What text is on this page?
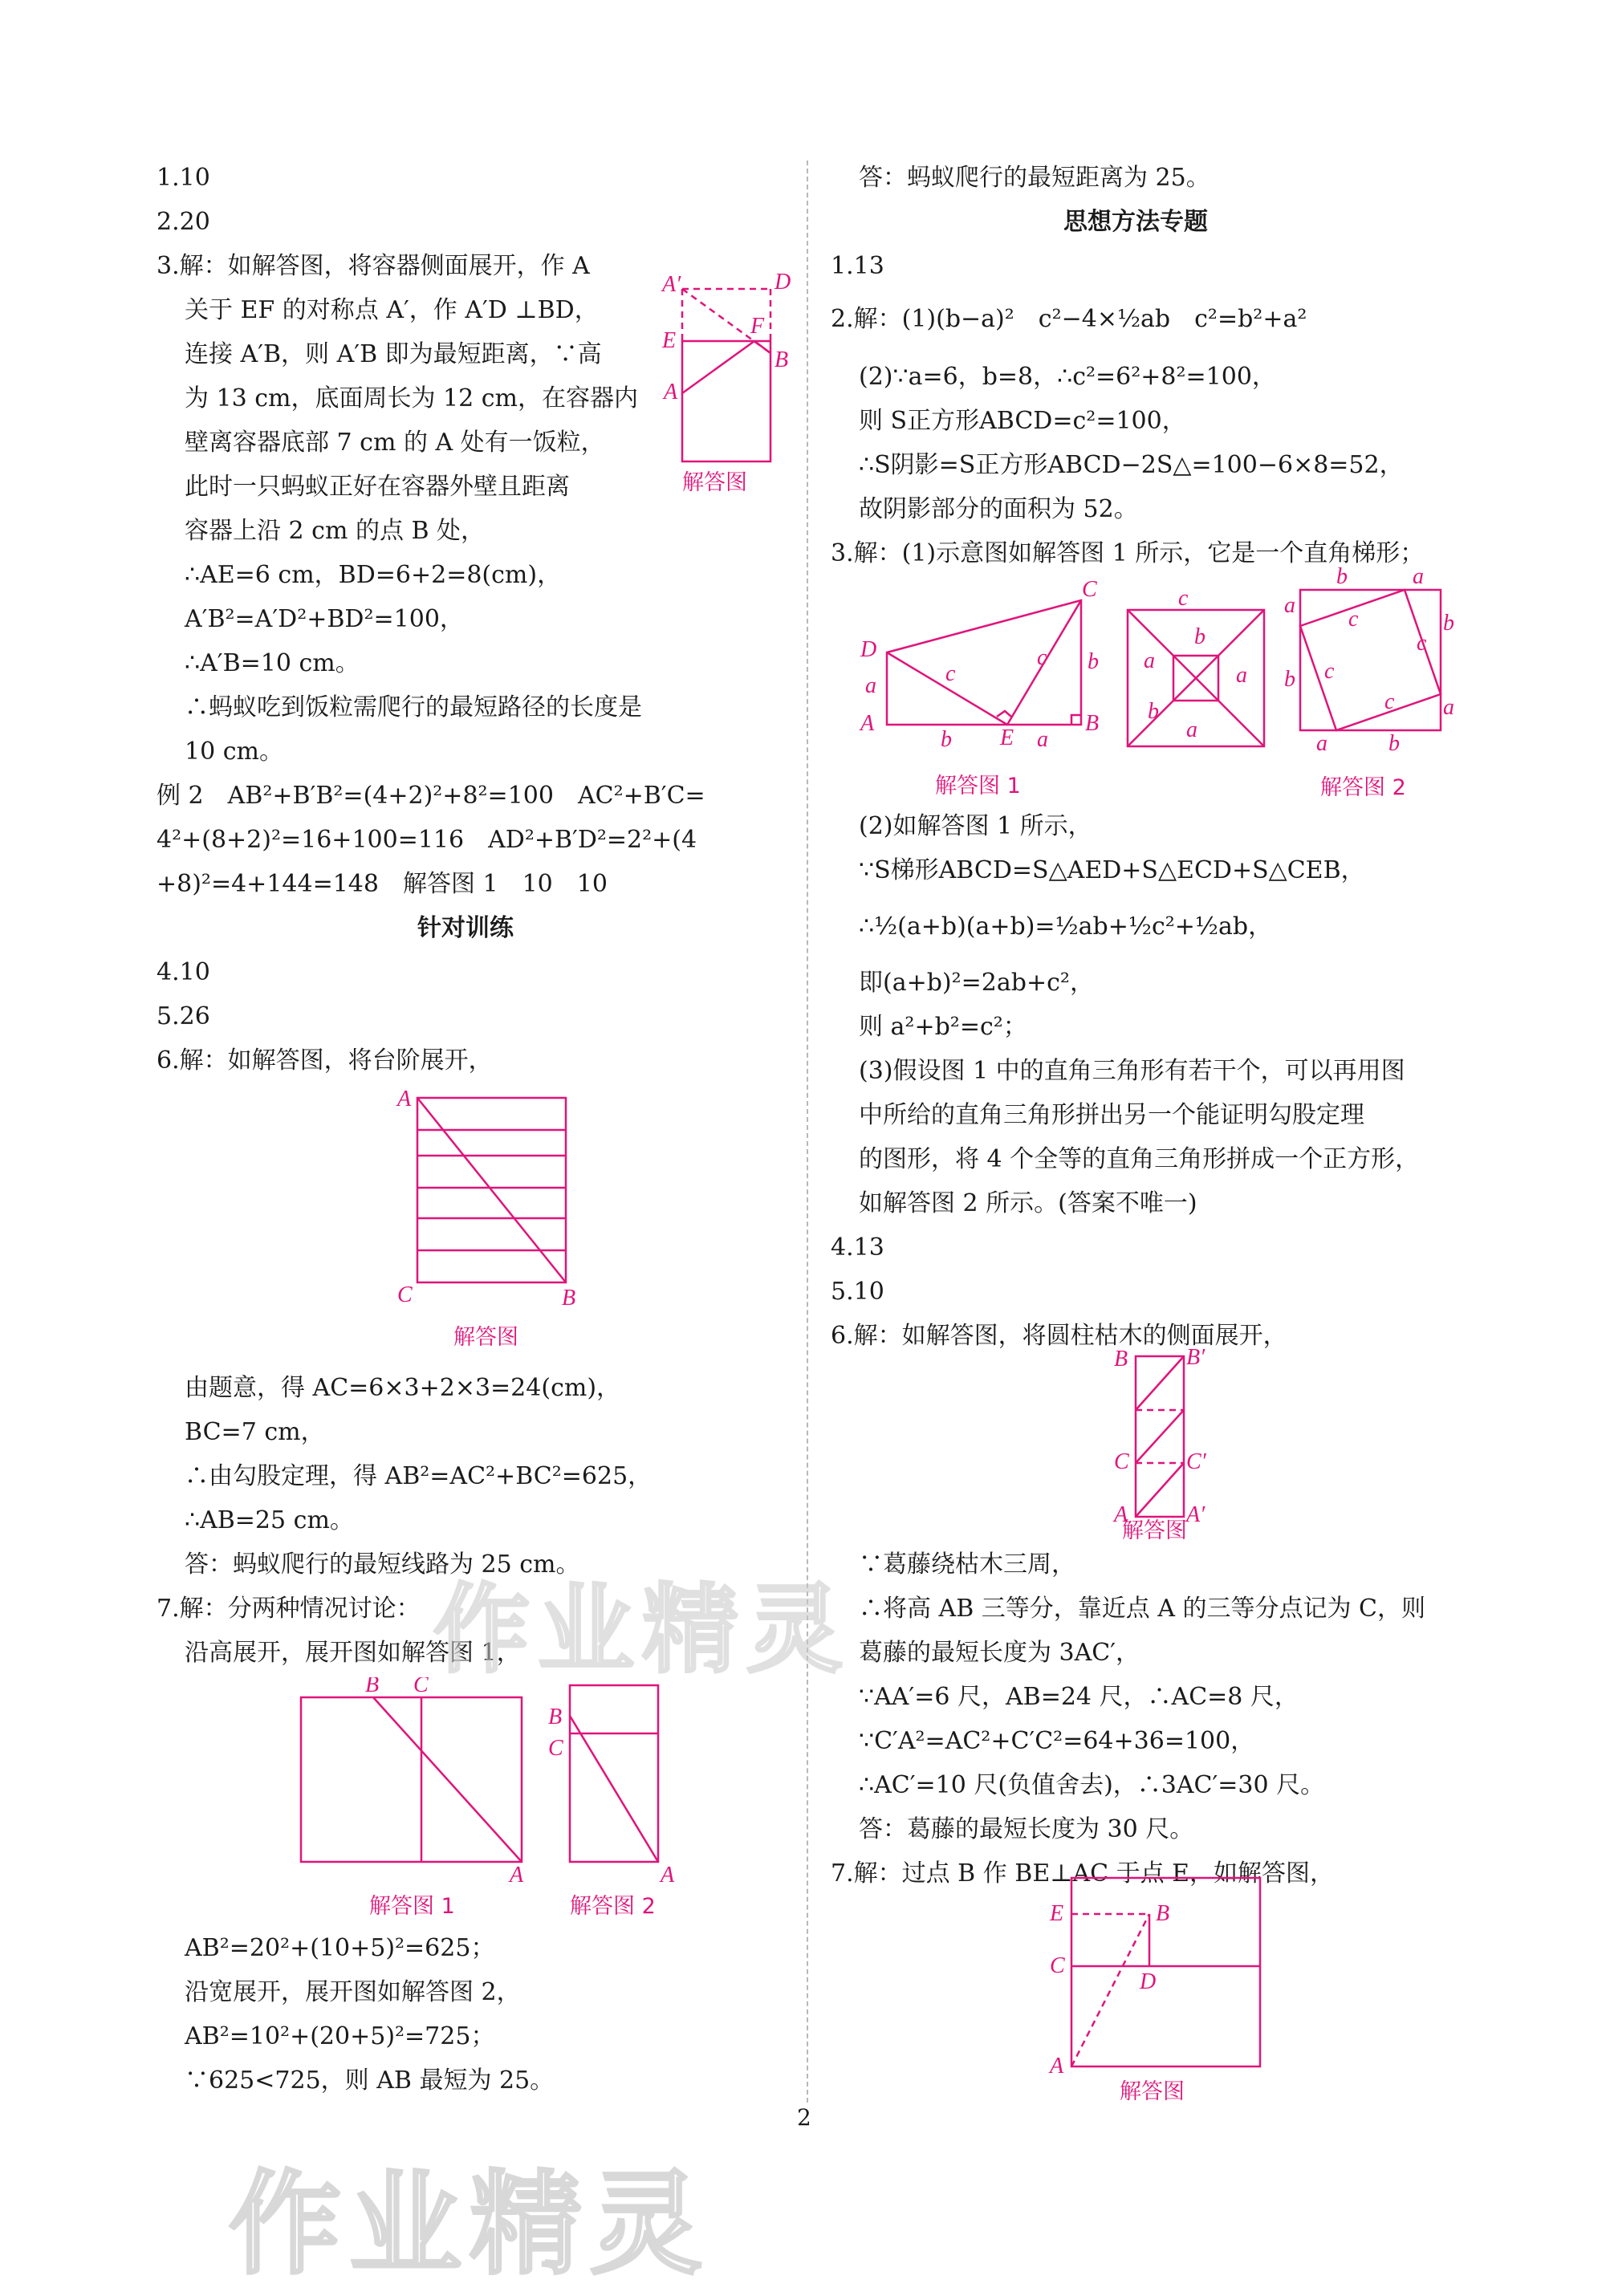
1.10
2.20
3.解：如解答图，将容器侧面展开，作 A
关于 EF 的对称点 A′，作 A′D ⊥BD，
连接 A′B，则 A′B 即为最短距离，∵高
为 13 cm，底面周长为 12 cm，在容器内
壁离容器底部 7 cm 的 A 处有一饭粒，
此时一只蚂蚁正好在容器外壁且距离
容器上沿 2 cm 的点 B 处，
∴AE=6 cm，BD=6+2=8(cm)，
A′B²=A′D²+BD²=100，
∴A′B=10 cm。
∴蚂蚁吃到饭粒需爬行的最短路径的长度是
10 cm。
例 2　AB²+B′B²=(4+2)²+8²=100　AC²+B′C=
4²+(8+2)²=16+100=116　AD²+B′D²=2²+(4
+8)²=4+144=148　解答图 1　10　10
针对训练
4.10
5.26
6.解：如解答图，将台阶展开，
由题意，得 AC=6×3+2×3=24(cm)，
BC=7 cm，
∴由勾股定理，得 AB²=AC²+BC²=625，
∴AB=25 cm。
答：蚂蚁爬行的最短线路为 25 cm。
7.解：分两种情况讨论：
沿高展开，展开图如解答图 1，
AB²=20²+(10+5)²=625；
沿宽展开，展开图如解答图 2，
AB²=10²+(20+5)²=725；
∵625<725，则 AB 最短为 25。
A′	D
E
F
B
A
解答图
A
C	B
解答图
B C
A
解答图 1
B
C
A
解答图 2
答：蚂蚁爬行的最短距离为 25。
思想方法专题
1.13
2.解：(1)(b−a)²　c²−4×½ab　c²=b²+a²
(2)∵a=6，b=8，∴c²=6²+8²=100，
则 S正方形ABCD=c²=100，
∴S阴影=S正方形ABCD−2S△=100−6×8=52，
故阴影部分的面积为 52。
3.解：(1)示意图如解答图 1 所示，它是一个直角梯形；
(2)如解答图 1 所示，
∵S梯形ABCD=S△AED+S△ECD+S△CEB，
∴½(a+b)(a+b)=½ab+½c²+½ab，
即(a+b)²=2ab+c²，
则 a²+b²=c²；
(3)假设图 1 中的直角三角形有若干个，可以再用图
中所给的直角三角形拼出另一个能证明勾股定理
的图形，将 4 个全等的直角三角形拼成一个正方形，
如解答图 2 所示。(答案不唯一)
4.13
5.10
6.解：如解答图，将圆柱枯木的侧面展开，
∵葛藤绕枯木三周，
∴将高 AB 三等分，靠近点 A 的三等分点记为 C，则
葛藤的最短长度为 3AC′，
∵AA′=6 尺，AB=24 尺，∴AC=8 尺，
∵C′A²=AC²+C′C²=64+36=100，
∴AC′=10 尺(负值舍去)，∴3AC′=30 尺。
答：葛藤的最短长度为 30 尺。
7.解：过点 B 作 BE⊥AC 于点 E，如解答图，
D
C
A
E
B
a	c
c b
b	a
解答图 1
c
a
b
a
b
a
b	a
a
b
b
a
c
c
c
c
a	b
解答图 2
B	B′
C	C′
A	A′
解答图
E	B
C
D
A
解答图
作业精灵
作业精灵
2
